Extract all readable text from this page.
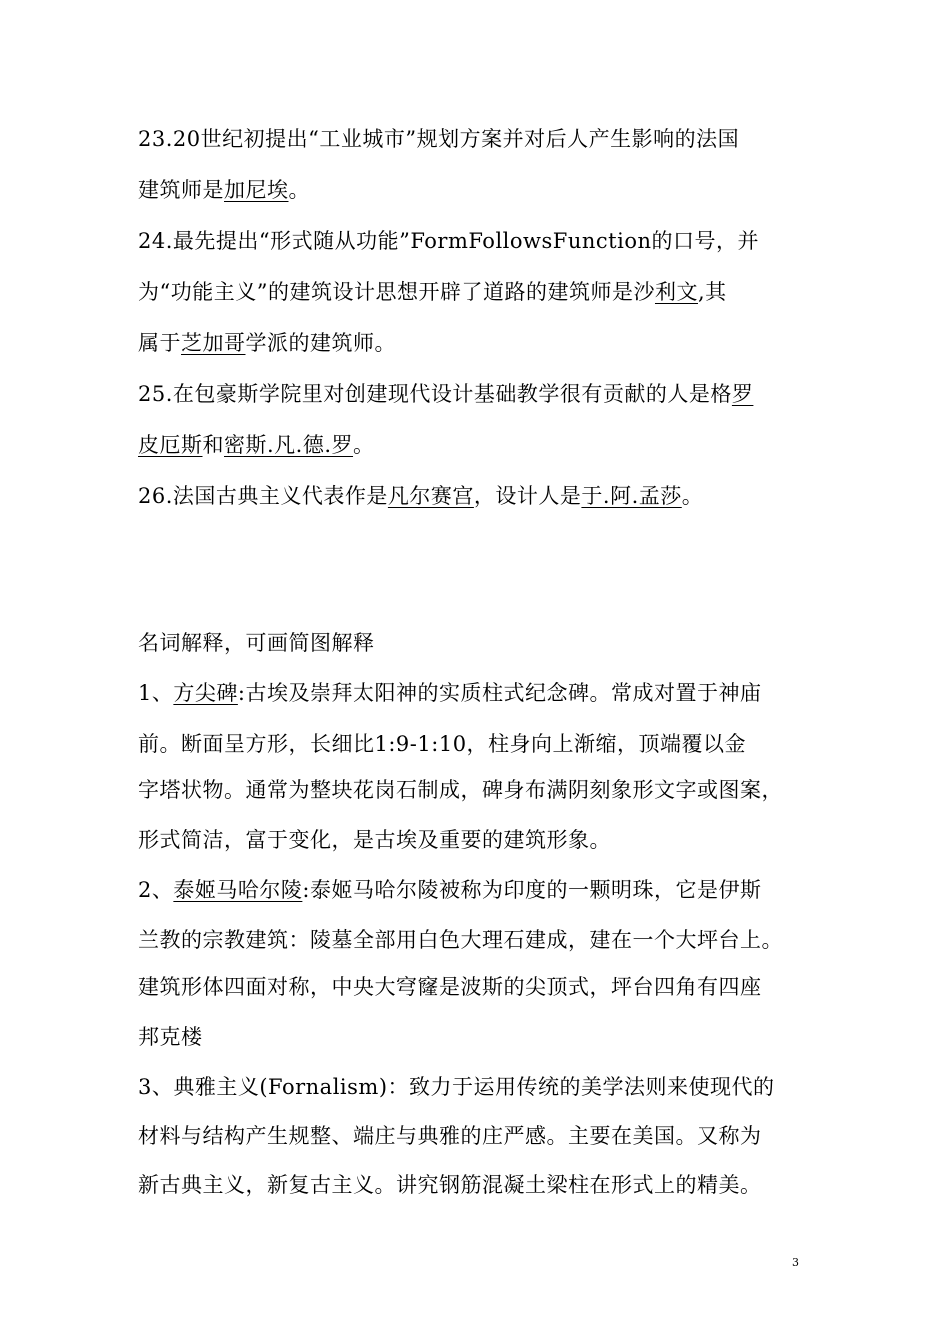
23.20世纪初提出“工业城市”规划方案并对后人产生影响的法国
建筑师是加尼埃。
24.最先提出“形式随从功能”FormFollowsFunction的口号，并
为“功能主义”的建筑设计思想开辟了道路的建筑师是沙利文,其
属于芝加哥学派的建筑师。
25.在包豪斯学院里对创建现代设计基础教学很有贡献的人是格罗
皮厄斯和密斯.凡.德.罗。
26.法国古典主义代表作是凡尔赛宫，设计人是于.阿.孟莎。
名词解释，可画简图解释
1、方尖碑:古埃及崇拜太阳神的实质柱式纪念碑。常成对置于神庙
前。断面呈方形，长细比1:9-1:10，柱身向上渐缩，顶端覆以金
字塔状物。通常为整块花岗石制成，碑身布满阴刻象形文字或图案，
形式简洁，富于变化，是古埃及重要的建筑形象。
2、泰姬马哈尔陵:泰姬马哈尔陵被称为印度的一颗明珠，它是伊斯
兰教的宗教建筑：陵墓全部用白色大理石建成，建在一个大坪台上。
建筑形体四面对称，中央大穹窿是波斯的尖顶式，坪台四角有四座
邦克楼
3、典雅主义(Fornalism)：致力于运用传统的美学法则来使现代的
材料与结构产生规整、端庄与典雅的庄严感。主要在美国。又称为
新古典主义，新复古主义。讲究钢筋混凝土梁柱在形式上的精美。
3
